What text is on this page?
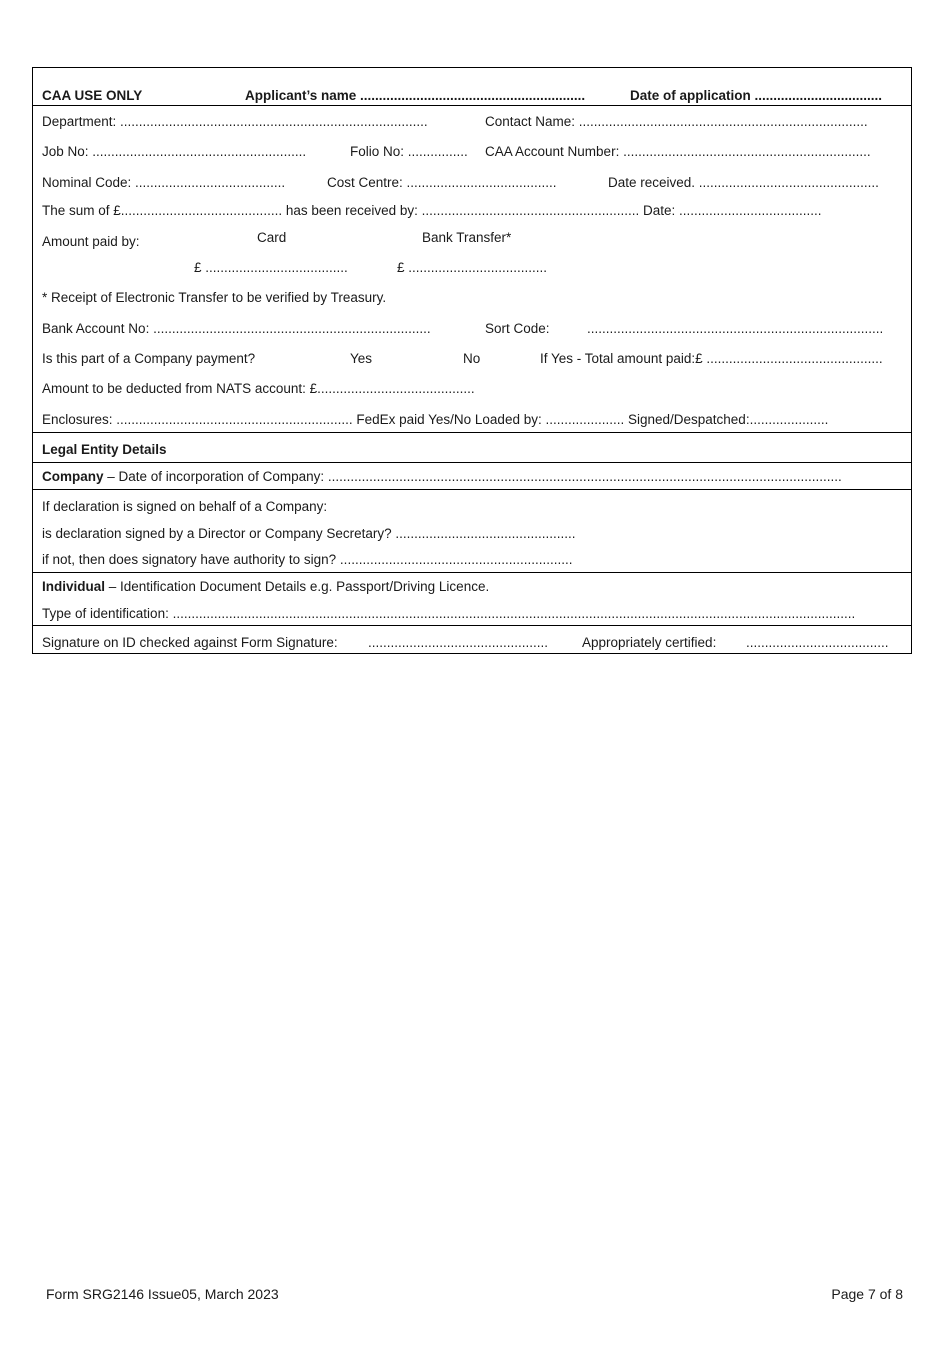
CAA USE ONLY	Applicant’s name ............................................................	Date of application ..................................
Department: ..................................................................................	Contact Name: .............................................................................
Job No: .........................................................	Folio No: ................ CAA Account Number: ..................................................................
Nominal Code: ........................................	Cost Centre: ........................................	Date received. ................................................
The sum of £........................................... has been received by: .......................................................... Date: ......................................
Amount paid by:	Card	Bank Transfer*
£ ......................................	£ .....................................
* Receipt of Electronic Transfer to be verified by Treasury.
Bank Account No: ..........................................................................	Sort Code:	...............................................................................
Is this part of a Company payment?	Yes	No	If Yes - Total amount paid:£ ...............................................
Amount to be deducted from NATS account: £..........................................
Enclosures: ............................................................... FedEx paid Yes/No Loaded by: ..................... Signed/Despatched:.....................
Legal Entity Details
Company – Date of incorporation of Company: .........................................................................................................................................
If declaration is signed on behalf of a Company:
is declaration signed by a Director or Company Secretary? ................................................
if not, then does signatory have authority to sign? ..............................................................
Individual – Identification Document Details e.g. Passport/Driving Licence.
Type of identification: ......................................................................................................................................................................................
Signature on ID checked against Form Signature: ................................................	Appropriately certified: ......................................
Form SRG2146 Issue05, March 2023	Page 7 of 8
